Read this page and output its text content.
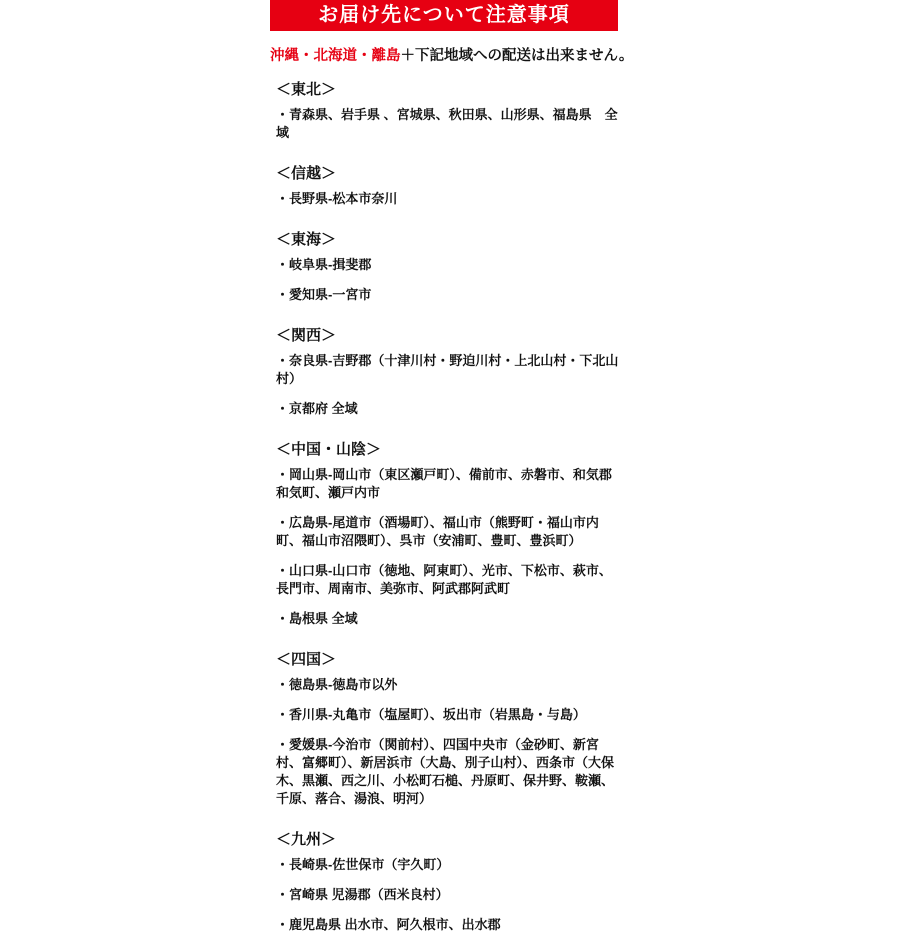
お届け先について注意事項

沖縄・北海道・離島＋下記地域への配送は出来ません。

＜東北＞

・青森県、岩手県 、宮城県、秋田県、山形県、福島県　全域

＜信越＞

・長野県-松本市奈川

＜東海＞

・岐阜県-揖斐郡

・愛知県-一宮市

＜関西＞

・奈良県-吉野郡（十津川村・野迫川村・上北山村・下北山村）

・京都府 全域

＜中国・山陰＞

・岡山県-岡山市（東区瀬戸町）、備前市、赤磐市、和気郡和気町、瀬戸内市

・広島県-尾道市（酒場町）、福山市（熊野町・福山市内町、福山市沼隈町）、呉市（安浦町、豊町、豊浜町）

・山口県-山口市（徳地、阿東町）、光市、下松市、萩市、長門市、周南市、美弥市、阿武郡阿武町

・島根県 全域

＜四国＞

・徳島県-徳島市以外

・香川県-丸亀市（塩屋町）、坂出市（岩黒島・与島）

・愛媛県-今治市（関前村）、四国中央市（金砂町、新宮村、富郷町）、新居浜市（大島、別子山村）、西条市（大保木、黒瀬、西之川、小松町石槌、丹原町、保井野、鞍瀬、千原、落合、湯浪、明河）

＜九州＞

・長崎県-佐世保市（宇久町）

・宮崎県 児湯郡（西米良村）

・鹿児島県 出水市、阿久根市、出水郡
